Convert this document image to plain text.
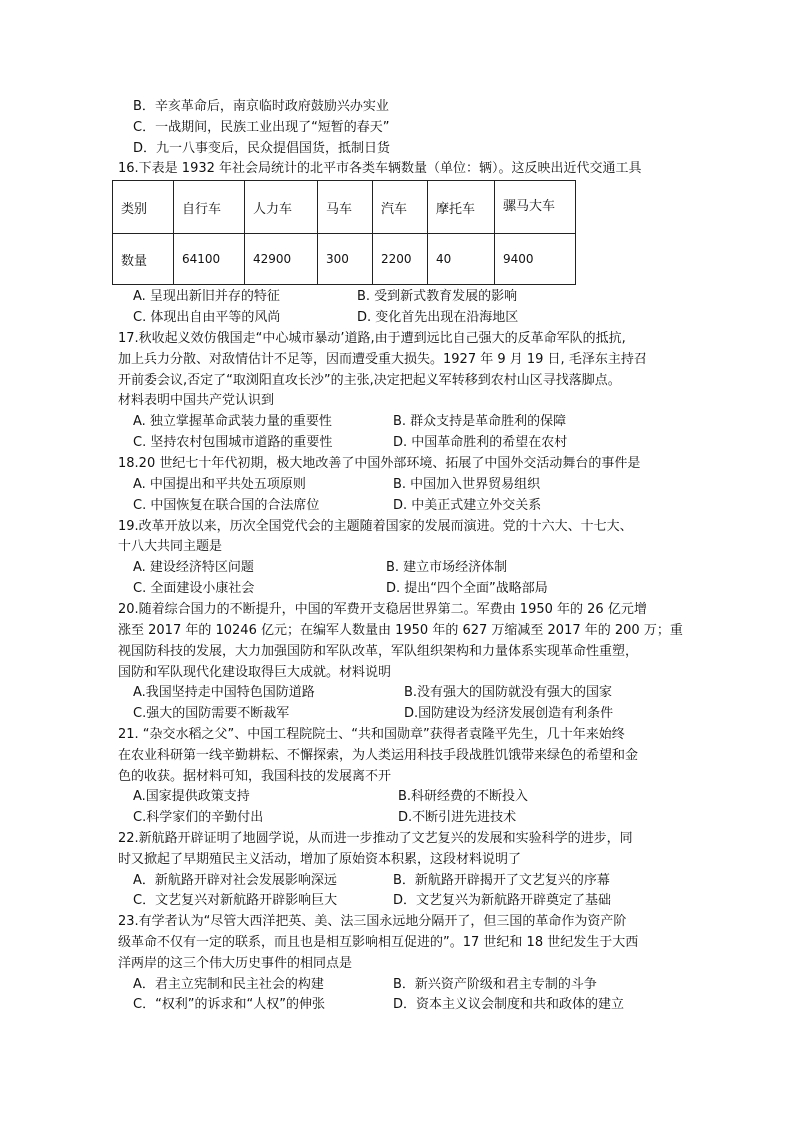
B．辛亥革命后，南京临时政府鼓励兴办实业
C．一战期间，民族工业出现了“短暂的春天”
D．九一八事变后，民众提倡国货，抵制日货
16.下表是 1932 年社会局统计的北平市各类车辆数量（单位：辆）。这反映出近代交通工具
类别	自行车	人力车	马车	汽车	摩托车	骡马大车
数量	64100	42900	300	2200	40	9400
A. 呈现出新旧并存的特征	B. 受到新式教育发展的影响
C. 体现出自由平等的风尚	D. 变化首先出现在沿海地区
17.秋收起义效仿俄国走“中心城市暴动’道路,由于遭到远比自己强大的反革命军队的抵抗,
加上兵力分散、对敌情估计不足等，因而遭受重大损失。1927 年 9 月 19 日, 毛泽东主持召
开前委会议,否定了“取浏阳直攻长沙”的主张,决定把起义军转移到农村山区寻找落脚点。
材料表明中国共产党认识到
A. 独立掌握革命武装力量的重要性	B. 群众支持是革命胜利的保障
C. 坚持农村包围城市道路的重要性	D. 中国革命胜利的希望在农村
18.20 世纪七十年代初期，极大地改善了中国外部环境、拓展了中国外交活动舞台的事件是
A. 中国提出和平共处五项原则	B. 中国加入世界贸易组织
C. 中国恢复在联合国的合法席位	D. 中美正式建立外交关系
19.改革开放以来，历次全国党代会的主题随着国家的发展而演进。党的十六大、十七大、
十八大共同主题是
A. 建设经济特区问题	B. 建立市场经济体制
C. 全面建设小康社会	D. 提出“四个全面”战略部局
20.随着综合国力的不断提升，中国的军费开支稳居世界第二。军费由 1950 年的 26 亿元增
涨至 2017 年的 10246 亿元；在编军人数量由 1950 年的 627 万缩减至 2017 年的 200 万；重
视国防科技的发展，大力加强国防和军队改革，军队组织架构和力量体系实现革命性重塑，
国防和军队现代化建设取得巨大成就。材料说明
A.我国坚持走中国特色国防道路	B.没有强大的国防就没有强大的国家
C.强大的国防需要不断裁军	D.国防建设为经济发展创造有利条件
21. “杂交水稻之父”、中国工程院院士、“共和国勋章”获得者袁隆平先生，几十年来始终
在农业科研第一线辛勤耕耘、不懈探索，为人类运用科技手段战胜饥饿带来绿色的希望和金
色的收获。据材料可知，我国科技的发展离不开
A.国家提供政策支持	B.科研经费的不断投入
C.科学家们的辛勤付出	D.不断引进先进技术
22.新航路开辟证明了地圆学说，从而进一步推动了文艺复兴的发展和实验科学的进步，同
时又掀起了早期殖民主义活动，增加了原始资本积累，这段材料说明了
A．新航路开辟对社会发展影响深远	B．新航路开辟揭开了文艺复兴的序幕
C．文艺复兴对新航路开辟影响巨大	D．文艺复兴为新航路开辟奠定了基础
23.有学者认为“尽管大西洋把英、美、法三国永远地分隔开了，但三国的革命作为资产阶
级革命不仅有一定的联系，而且也是相互影响相互促进的”。17 世纪和 18 世纪发生于大西
洋两岸的这三个伟大历史事件的相同点是
A．君主立宪制和民主社会的构建	B．新兴资产阶级和君主专制的斗争
C．“权利”的诉求和“人权”的伸张	D．资本主义议会制度和共和政体的建立
